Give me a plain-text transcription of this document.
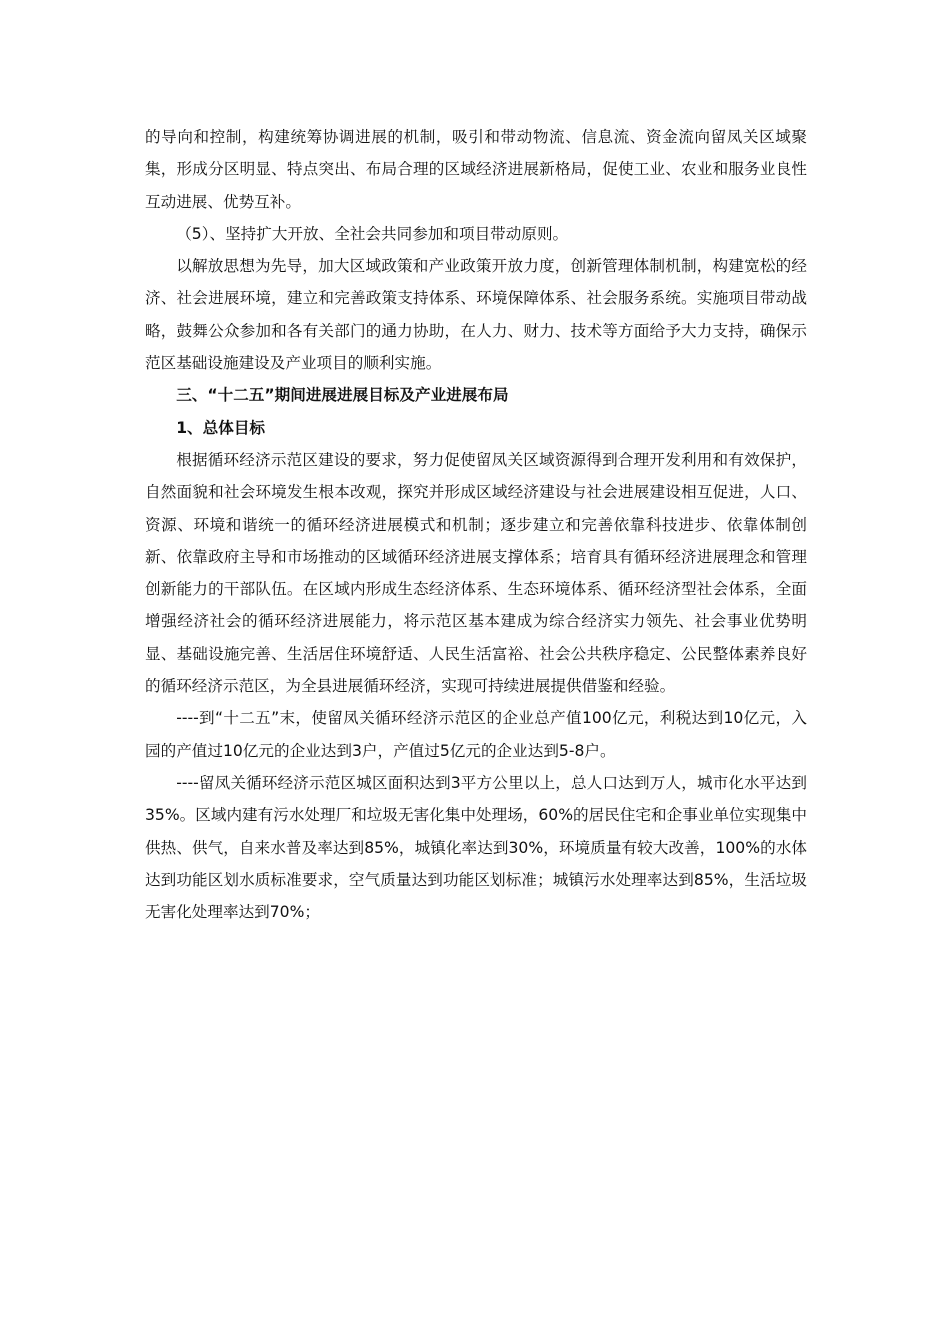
的导向和控制，构建统筹协调进展的机制，吸引和带动物流、信息流、资金流向留凤关区域聚集，形成分区明显、特点突出、布局合理的区域经济进展新格局，促使工业、农业和服务业良性互动进展、优势互补。

（5）、坚持扩大开放、全社会共同参加和项目带动原则。

以解放思想为先导，加大区域政策和产业政策开放力度，创新管理体制机制，构建宽松的经济、社会进展环境，建立和完善政策支持体系、环境保障体系、社会服务系统。实施项目带动战略，鼓舞公众参加和各有关部门的通力协助，在人力、财力、技术等方面给予大力支持，确保示范区基础设施建设及产业项目的顺利实施。

三、“十二五”期间进展进展目标及产业进展布局

1、总体目标

根据循环经济示范区建设的要求，努力促使留凤关区域资源得到合理开发利用和有效保护，自然面貌和社会环境发生根本改观，探究并形成区域经济建设与社会进展建设相互促进，人口、资源、环境和谐统一的循环经济进展模式和机制；逐步建立和完善依靠科技进步、依靠体制创新、依靠政府主导和市场推动的区域循环经济进展支撑体系；培育具有循环经济进展理念和管理创新能力的干部队伍。在区域内形成生态经济体系、生态环境体系、循环经济型社会体系，全面增强经济社会的循环经济进展能力，将示范区基本建成为综合经济实力领先、社会事业优势明显、基础设施完善、生活居住环境舒适、人民生活富裕、社会公共秩序稳定、公民整体素养良好的循环经济示范区，为全县进展循环经济，实现可持续进展提供借鉴和经验。

----到“十二五”末，使留凤关循环经济示范区的企业总产值100亿元，利税达到10亿元，入园的产值过10亿元的企业达到3户，产值过5亿元的企业达到5-8户。

----留凤关循环经济示范区城区面积达到3平方公里以上，总人口达到万人，城市化水平达到35%。区域内建有污水处理厂和垃圾无害化集中处理场，60%的居民住宅和企事业单位实现集中供热、供气，自来水普及率达到85%，城镇化率达到30%，环境质量有较大改善，100%的水体达到功能区划水质标准要求，空气质量达到功能区划标准；城镇污水处理率达到85%，生活垃圾无害化处理率达到70%；
